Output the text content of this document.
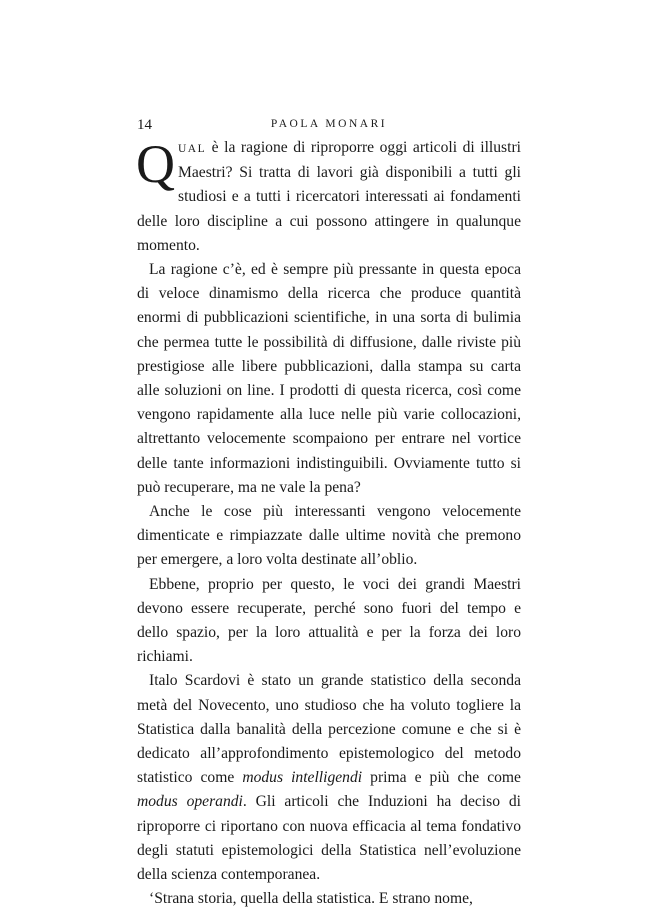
14	PAOLA MONARI

QUAL è la ragione di riproporre oggi articoli di illustri Maestri? Si tratta di lavori già disponibili a tutti gli studiosi e a tutti i ricercatori interessati ai fondamenti delle loro discipline a cui possono attingere in qualunque momento.

La ragione c’è, ed è sempre più pressante in questa epoca di veloce dinamismo della ricerca che produce quantità enormi di pubblicazioni scientifiche, in una sorta di bulimia che permea tutte le possibilità di diffusione, dalle riviste più prestigiose alle libere pubblicazioni, dalla stampa su carta alle soluzioni on line. I prodotti di questa ricerca, così come vengono rapidamente alla luce nelle più varie collocazioni, altrettanto velocemente scompaiono per entrare nel vortice delle tante informazioni indistinguibili. Ovviamente tutto si può recuperare, ma ne vale la pena?

Anche le cose più interessanti vengono velocemente dimenticate e rimpiazzate dalle ultime novità che premono per emergere, a loro volta destinate all’oblio.

Ebbene, proprio per questo, le voci dei grandi Maestri devono essere recuperate, perché sono fuori del tempo e dello spazio, per la loro attualità e per la forza dei loro richiami.

Italo Scardovi è stato un grande statistico della seconda metà del Novecento, uno studioso che ha voluto togliere la Statistica dalla banalità della percezione comune e che si è dedicato all’approfondimento epistemologico del metodo statistico come modus intelligendi prima e più che come modus operandi. Gli articoli che Induzioni ha deciso di riproporre ci riportano con nuova efficacia al tema fondativo degli statuti epistemologici della Statistica nell’evoluzione della scienza contemporanea.

‘Strana storia, quella della statistica. E strano nome,
